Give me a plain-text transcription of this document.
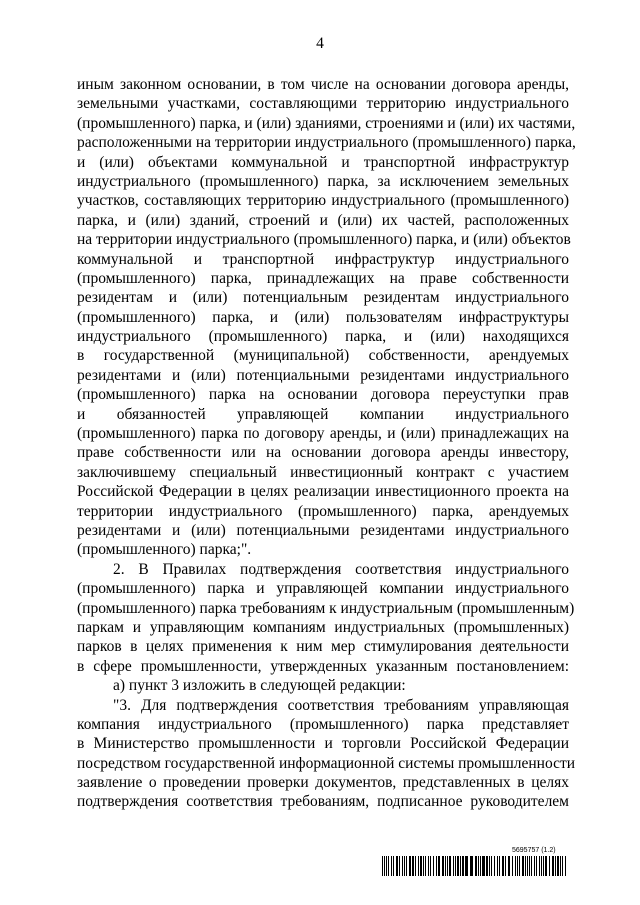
4
иным законном основании, в том числе на основании договора аренды,
земельными участками, составляющими территорию индустриального
(промышленного) парка, и (или) зданиями, строениями и (или) их частями,
расположенными на территории индустриального (промышленного) парка,
и (или) объектами коммунальной и транспортной инфраструктур
индустриального (промышленного) парка, за исключением земельных
участков, составляющих территорию индустриального (промышленного)
парка, и (или) зданий, строений и (или) их частей, расположенных
на территории индустриального (промышленного) парка, и (или) объектов
коммунальной и транспортной инфраструктур индустриального
(промышленного) парка, принадлежащих на праве собственности
резидентам и (или) потенциальным резидентам индустриального
(промышленного) парка, и (или) пользователям инфраструктуры
индустриального (промышленного) парка, и (или) находящихся
в государственной (муниципальной) собственности, арендуемых
резидентами и (или) потенциальными резидентами индустриального
(промышленного) парка на основании договора переуступки прав
и обязанностей управляющей компании индустриального
(промышленного) парка по договору аренды, и (или) принадлежащих на
праве собственности или на основании договора аренды инвестору,
заключившему специальный инвестиционный контракт с участием
Российской Федерации в целях реализации инвестиционного проекта на
территории индустриального (промышленного) парка, арендуемых
резидентами и (или) потенциальными резидентами индустриального
(промышленного) парка;".
2. В Правилах подтверждения соответствия индустриального
(промышленного) парка и управляющей компании индустриального
(промышленного) парка требованиям к индустриальным (промышленным)
паркам и управляющим компаниям индустриальных (промышленных)
парков в целях применения к ним мер стимулирования деятельности
в сфере промышленности, утвержденных указанным постановлением:
а) пункт 3 изложить в следующей редакции:
"3. Для подтверждения соответствия требованиям управляющая
компания индустриального (промышленного) парка представляет
в Министерство промышленности и торговли Российской Федерации
посредством государственной информационной системы промышленности
заявление о проведении проверки документов, представленных в целях
подтверждения соответствия требованиям, подписанное руководителем
5695757 (1.2)
